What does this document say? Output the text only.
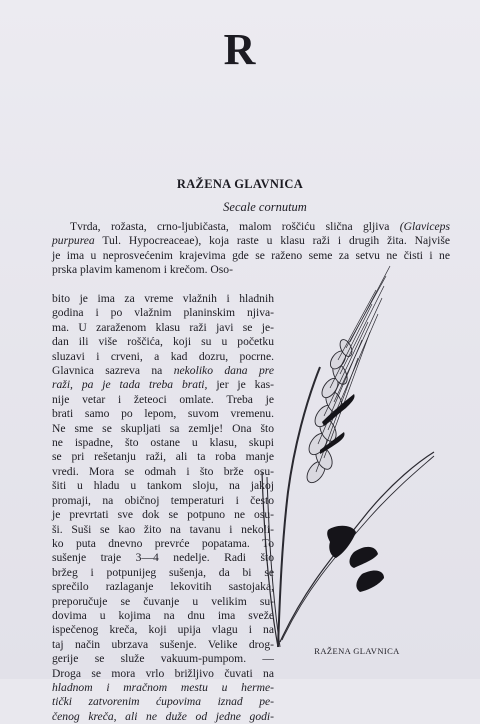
R
RAŽENA GLAVNICA
Secale cornutum
Tvrda, rožasta, crno-ljubičasta, malom roščiću slična gljiva (Glaviceps
purpurea Tul. Hypocreaceae), koja raste u klasu raži i drugih žita. Najviše
je ima u neprosvećenim krajevima gde se raženo seme za setvu ne čisti i ne
prska plavim kamenom i krečom. Oso-
bito je ima za vreme vlažnih i hladnih
godina i po vlažnim planinskim njiva-
ma. U zaraženom klasu raži javi se je-
dan ili više roščića, koji su u početku
sluzavi i crveni, a kad dozru, pocrne.
Glavnica sazreva na nekoliko dana pre
raži, pa je tada treba brati, jer je kas-
nije vetar i žeteoci omlate. Treba je
brati samo po lepom, suvom vremenu.
Ne sme se skupljati sa zemlje! Ona što
ne ispadne, što ostane u klasu, skupi
se pri rešetanju raži, ali ta roba manje
vredi. Mora se odmah i što brže osu-
šiti u hladu u tankom sloju, na jakoj
promaji, na običnoj temperaturi i često
je prevrtati sve dok se potpuno ne osu-
ši. Suši se kao žito na tavanu i nekoli-
ko puta dnevno prevrće popatama. To
sušenje traje 3—4 nedelje. Radi što
bržeg i potpunijeg sušenja, da bi se
sprečilo razlaganje lekovitih sastojaka,
preporučuje se čuvanje u velikim su-
dovima u kojima na dnu ima sveže
ispečenog kreča, koji upija vlagu i na
taj način ubrzava sušenje. Velike drog-
gerije se služe vakuum-pumpom. —
Droga se mora vrlo brižljivo čuvati na
hladnom i mračnom mestu u herme-
tički zatvorenim ćupovima iznad pe-
čenog kreča, ali ne duže od jedne godi-
RAŽENA GLAVNICA
